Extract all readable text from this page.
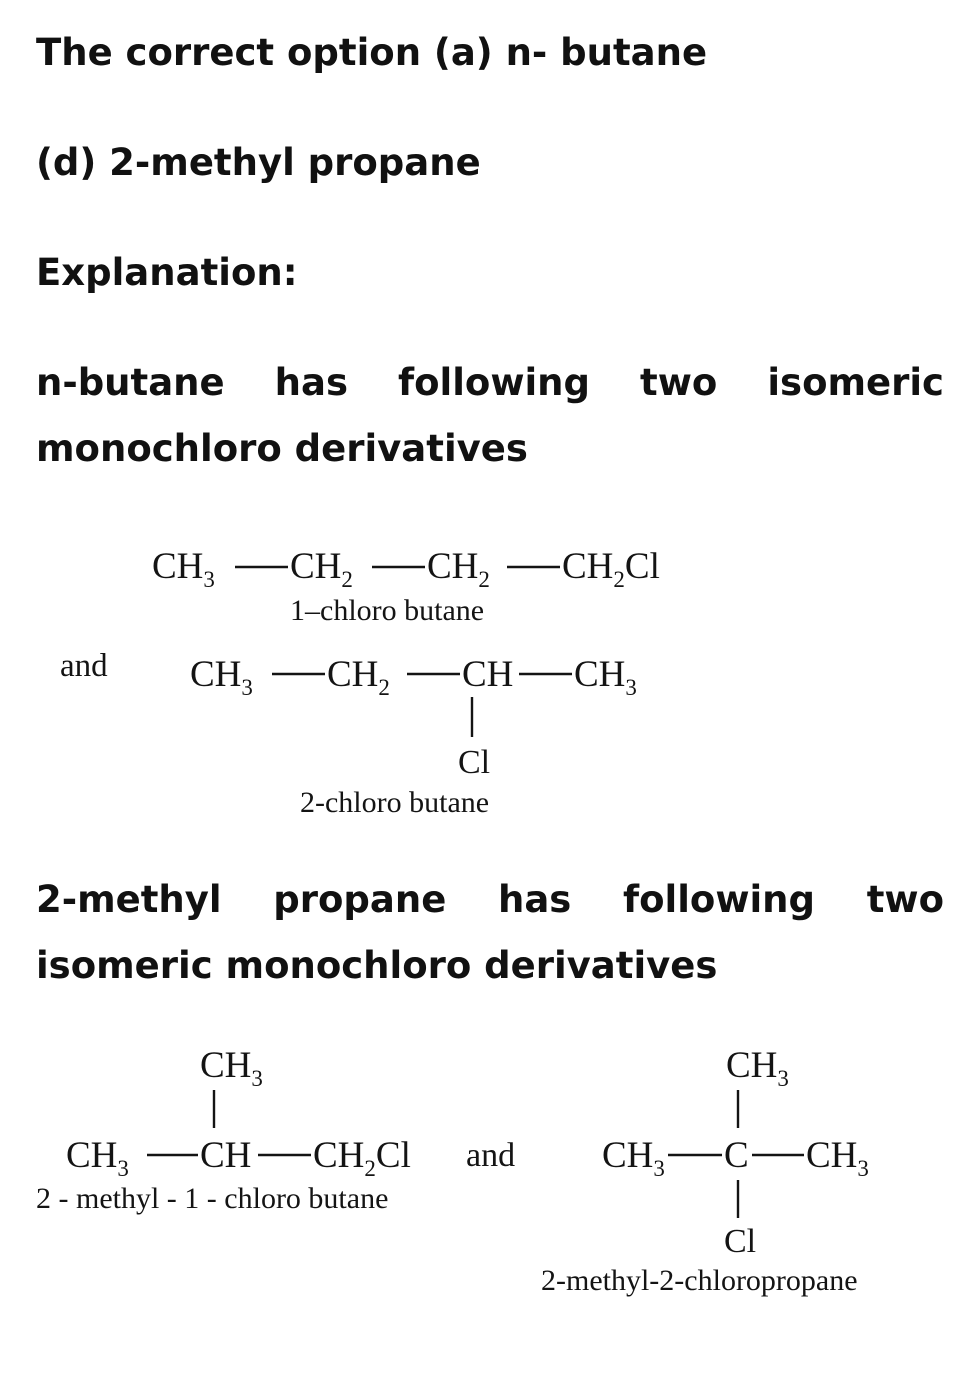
The correct option (a) n- butane

(d) 2-methyl propane

Explanation:

n-butane has following two isomeric
monochloro derivatives
2-methyl propane has following two
isomeric monochloro derivatives
$CH_3$ $CH_2$ $CH_2$ $CH_2Cl$
1–chloro butane
and $CH_3$ $CH_2$ CH $CH_3$
Cl
2-chloro butane
$CH_3$
$CH_3$ CH $CH_2Cl$
2 - methyl - 1 - chloro butane
and
$CH_3$
$CH_3$ C $CH_3$
Cl
2-methyl-2-chloropropane
